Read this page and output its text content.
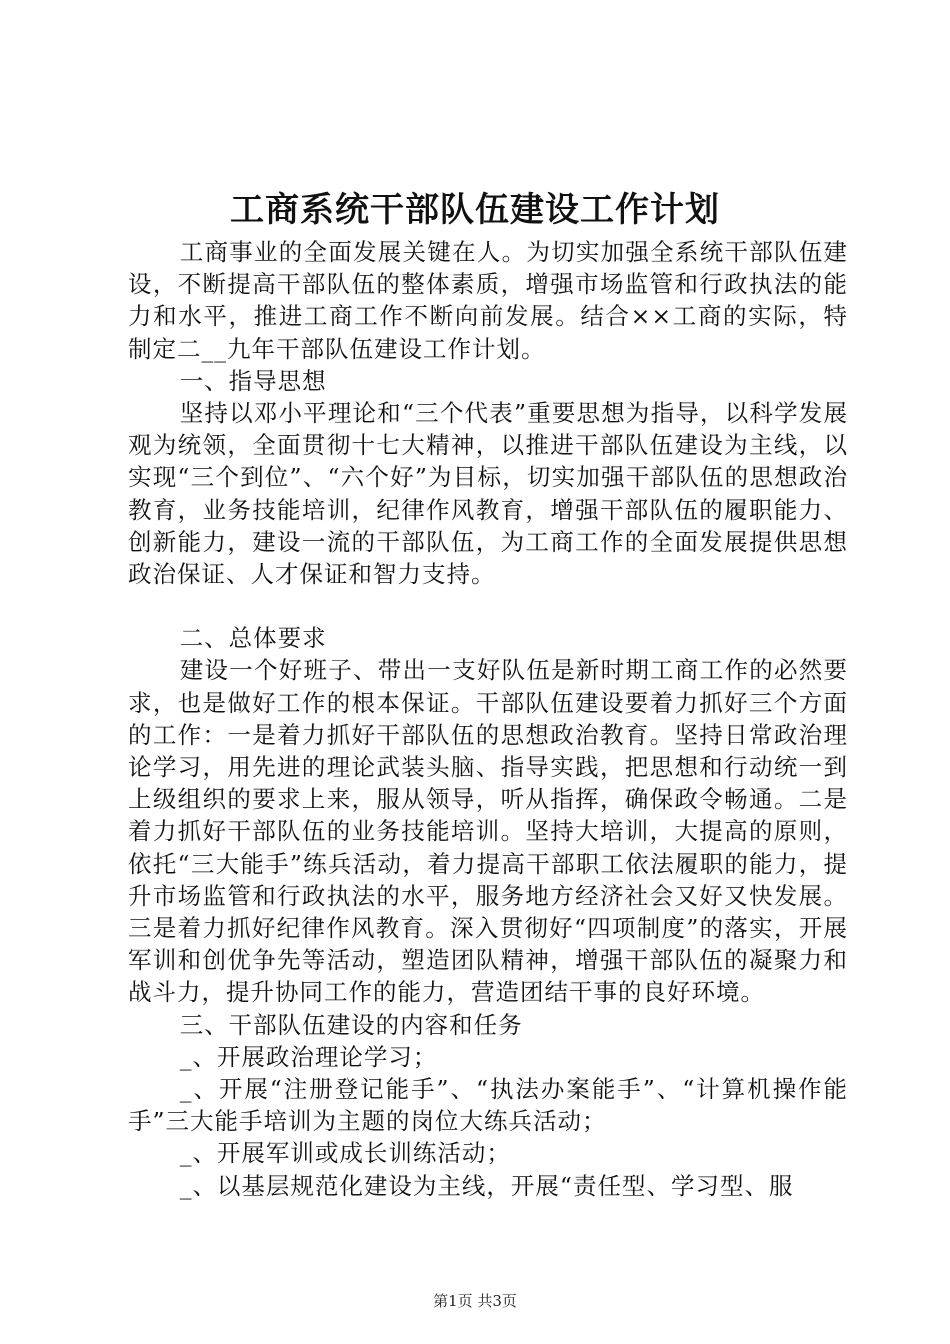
工商系统干部队伍建设工作计划

工商事业的全面发展关键在人。为切实加强全系统干部队伍建设，不断提高干部队伍的整体素质，增强市场监管和行政执法的能力和水平，推进工商工作不断向前发展。结合××工商的实际，特制定二__九年干部队伍建设工作计划。

一、指导思想

坚持以邓小平理论和“三个代表”重要思想为指导，以科学发展观为统领，全面贯彻十七大精神，以推进干部队伍建设为主线，以实现“三个到位”、“六个好”为目标，切实加强干部队伍的思想政治教育，业务技能培训，纪律作风教育，增强干部队伍的履职能力、创新能力，建设一流的干部队伍，为工商工作的全面发展提供思想政治保证、人才保证和智力支持。

二、总体要求

建设一个好班子、带出一支好队伍是新时期工商工作的必然要求，也是做好工作的根本保证。干部队伍建设要着力抓好三个方面的工作：一是着力抓好干部队伍的思想政治教育。坚持日常政治理论学习，用先进的理论武装头脑、指导实践，把思想和行动统一到上级组织的要求上来，服从领导，听从指挥，确保政令畅通。二是着力抓好干部队伍的业务技能培训。坚持大培训，大提高的原则，依托“三大能手”练兵活动，着力提高干部职工依法履职的能力，提升市场监管和行政执法的水平，服务地方经济社会又好又快发展。三是着力抓好纪律作风教育。深入贯彻好“四项制度”的落实，开展军训和创优争先等活动，塑造团队精神，增强干部队伍的凝聚力和战斗力，提升协同工作的能力，营造团结干事的良好环境。

三、干部队伍建设的内容和任务

_、开展政治理论学习；

_、开展“注册登记能手”、“执法办案能手”、“计算机操作能手”三大能手培训为主题的岗位大练兵活动；

_、开展军训或成长训练活动；

_、以基层规范化建设为主线，开展“责任型、学习型、服

第1页 共3页
